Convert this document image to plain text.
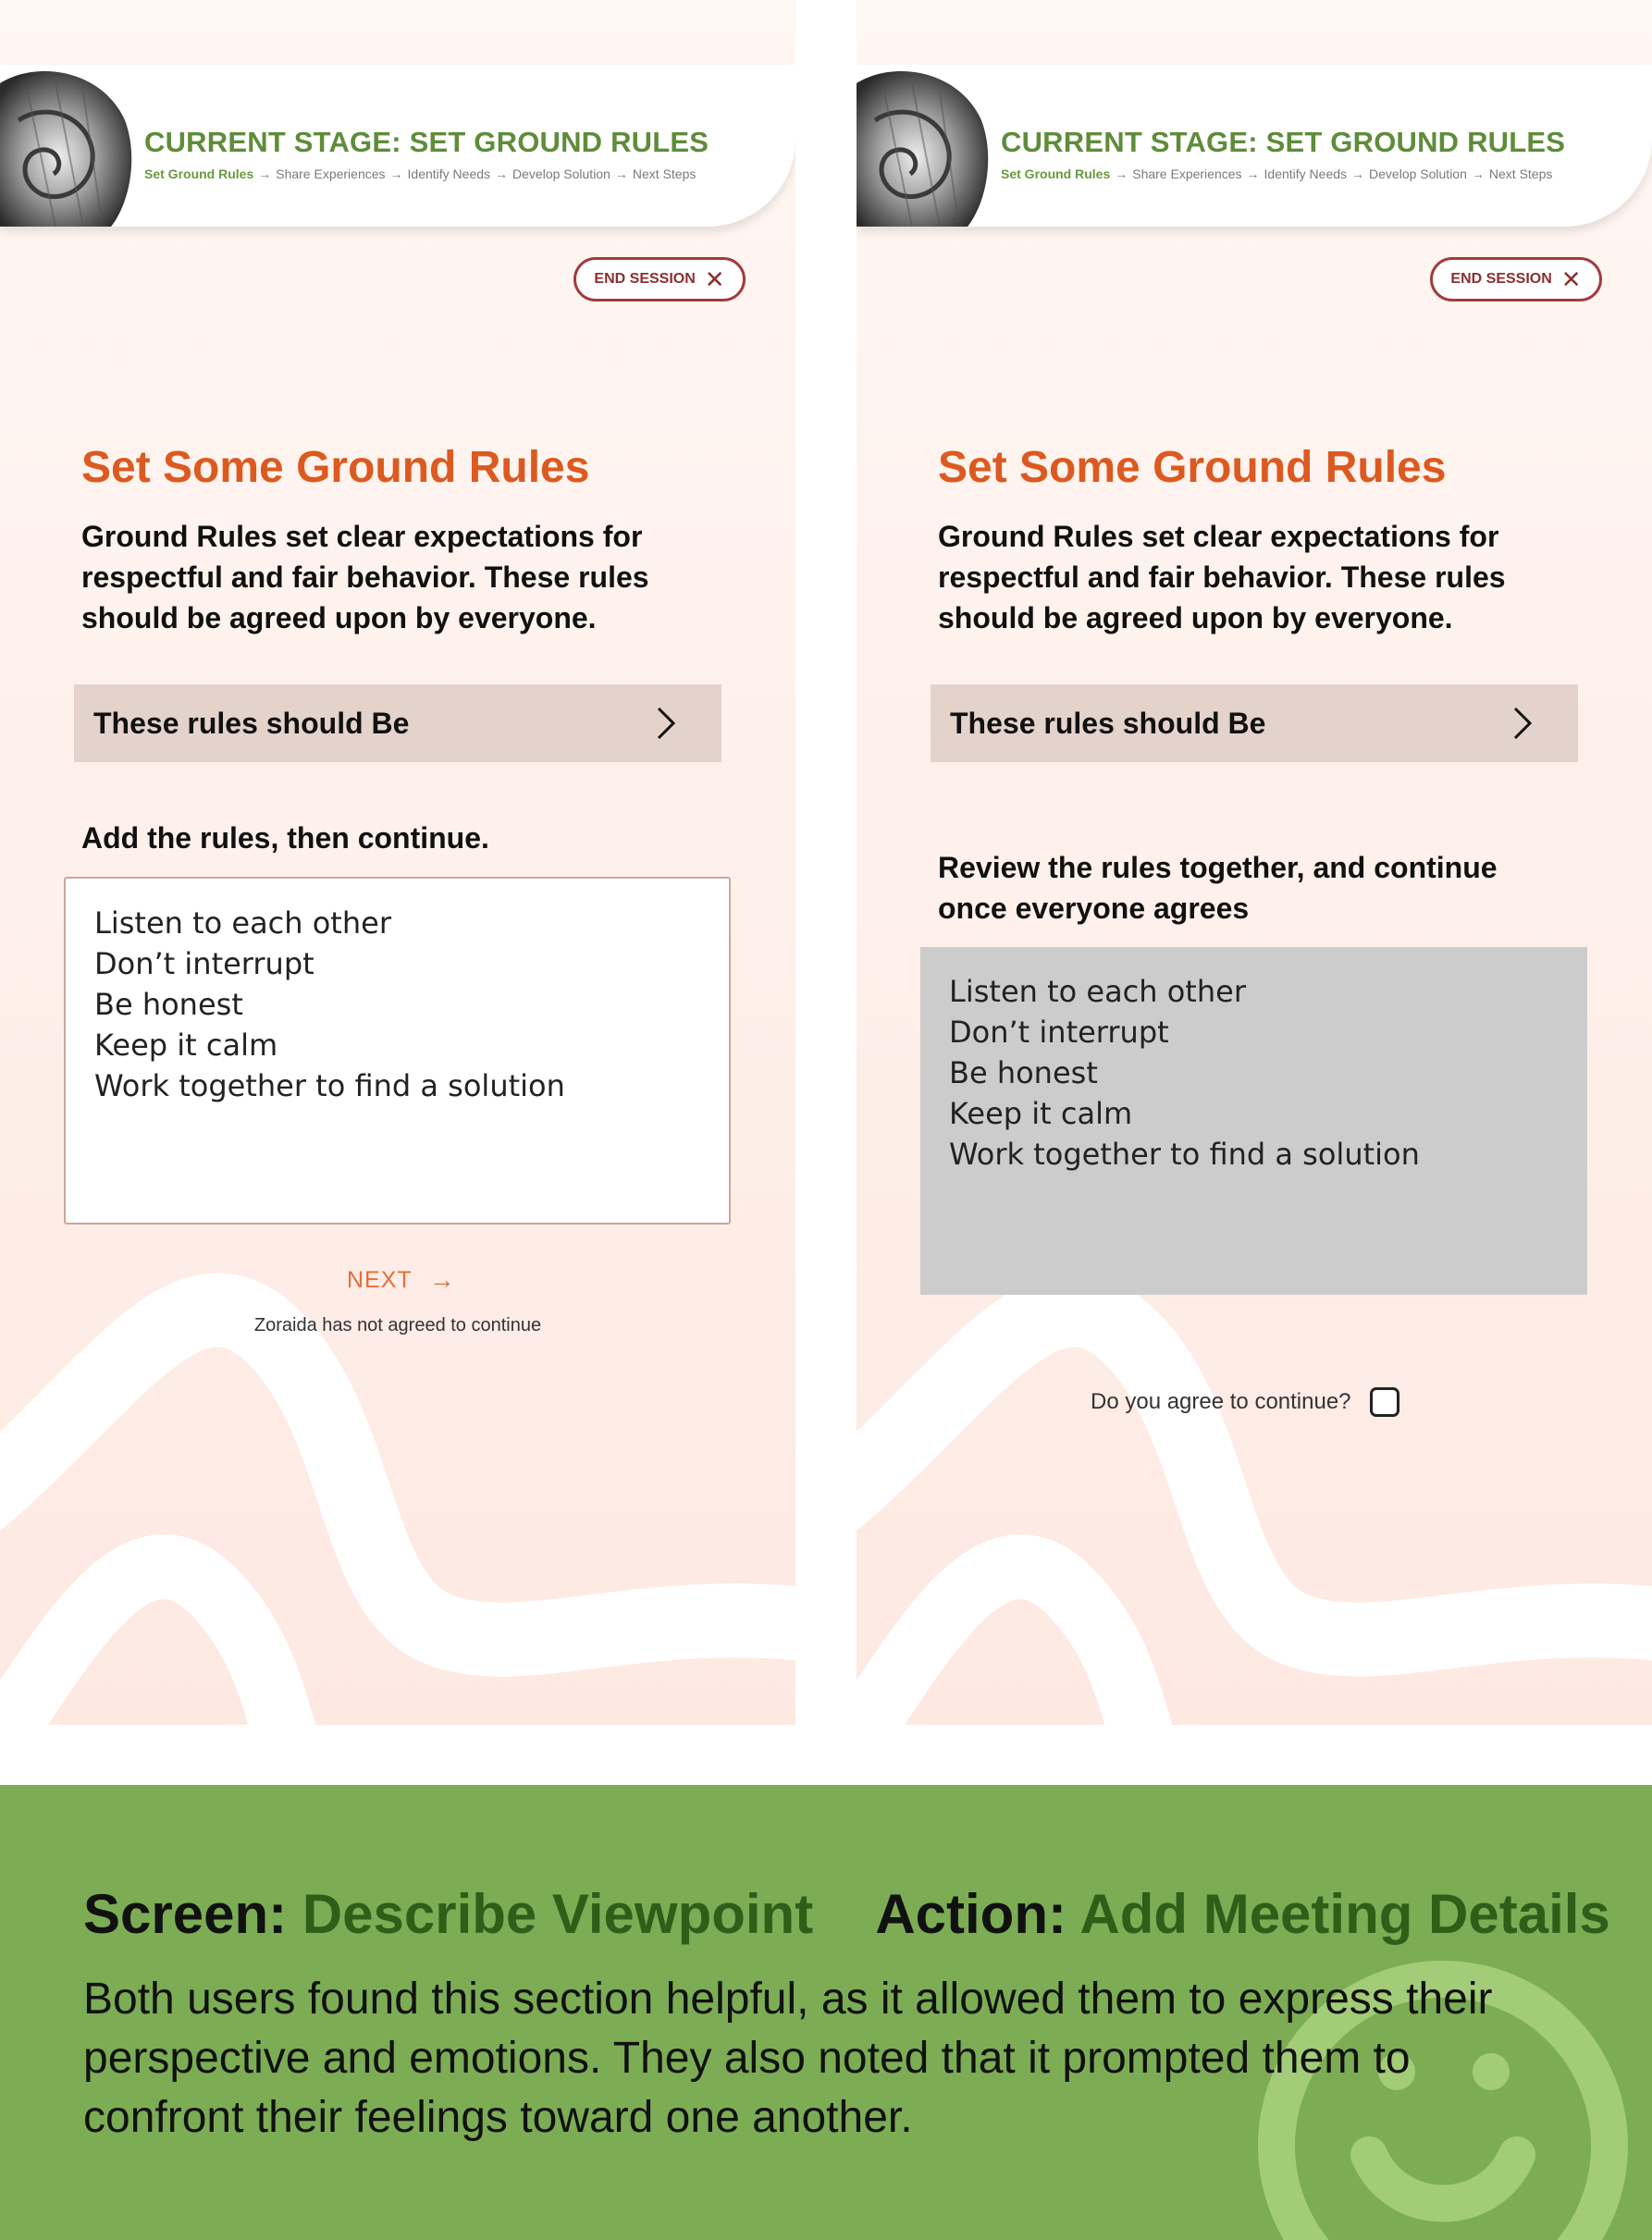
CURRENT STAGE: SET GROUND RULES
Set Ground Rules → Share Experiences → Identify Needs → Develop Solution → Next Steps
END SESSION ✕
Set Some Ground Rules
Ground Rules set clear expectations for respectful and fair behavior. These rules should be agreed upon by everyone.
These rules should Be
Add the rules, then continue.
Listen to each other
Don’t interrupt
Be honest
Keep it calm
Work together to find a solution
NEXT →
Zoraida has not agreed to continue
CURRENT STAGE: SET GROUND RULES
Set Ground Rules → Share Experiences → Identify Needs → Develop Solution → Next Steps
END SESSION ✕
Set Some Ground Rules
Ground Rules set clear expectations for respectful and fair behavior. These rules should be agreed upon by everyone.
These rules should Be
Review the rules together, and continue once everyone agrees
Listen to each other
Don’t interrupt
Be honest
Keep it calm
Work together to find a solution
Do you agree to continue?
Screen: Describe Viewpoint Action: Add Meeting Details
Both users found this section helpful, as it allowed them to express their perspective and emotions. They also noted that it prompted them to confront their feelings toward one another.
